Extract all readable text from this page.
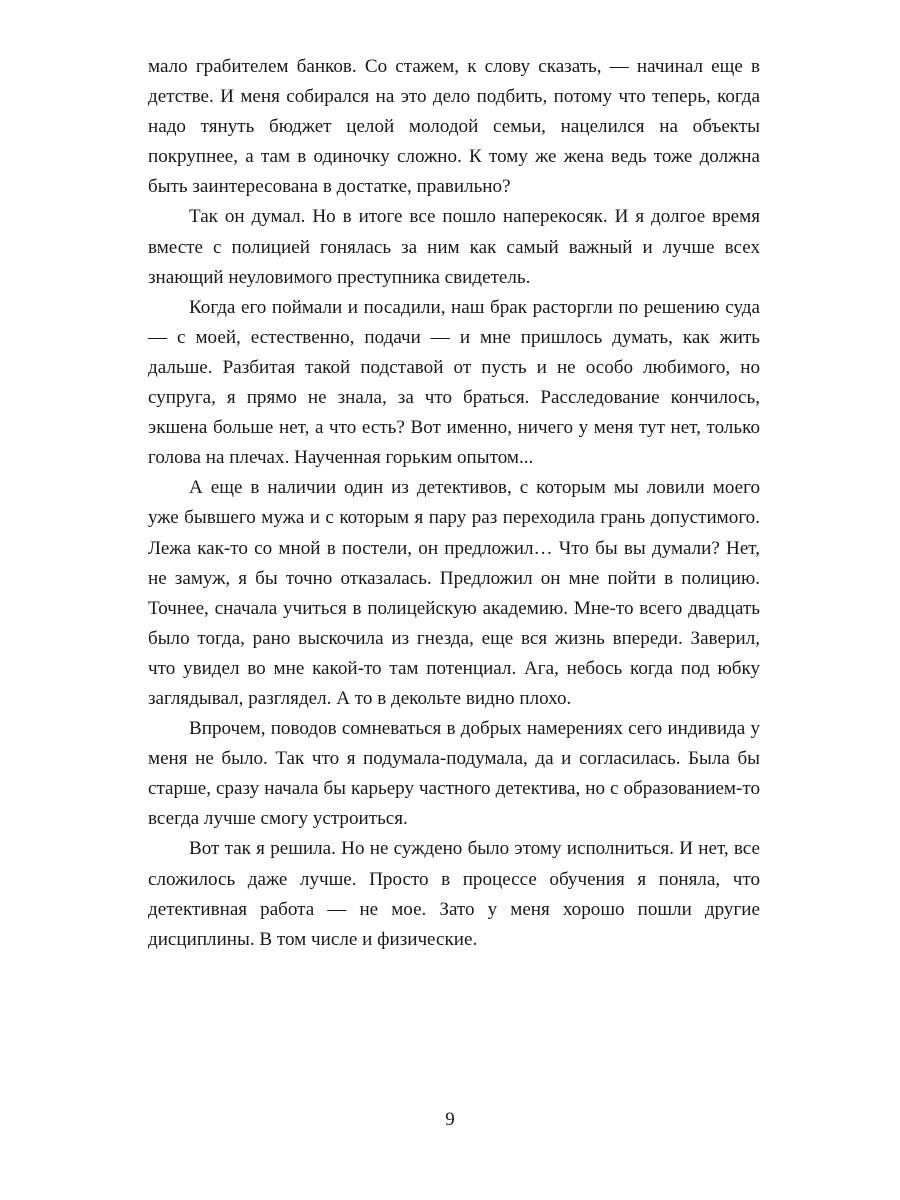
мало грабителем банков. Со стажем, к слову сказать, — начинал еще в детстве. И меня собирался на это дело подбить, потому что теперь, когда надо тянуть бюджет целой молодой семьи, нацелился на объекты покрупнее, а там в одиночку сложно. К тому же жена ведь тоже должна быть заинтересована в достатке, правильно?

Так он думал. Но в итоге все пошло наперекосяк. И я долгое время вместе с полицией гонялась за ним как самый важный и лучше всех знающий неуловимого преступника свидетель.

Когда его поймали и посадили, наш брак расторгли по решению суда — с моей, естественно, подачи — и мне пришлось думать, как жить дальше. Разбитая такой подставой от пусть и не особо любимого, но супруга, я прямо не знала, за что браться. Расследование кончилось, экшена больше нет, а что есть? Вот именно, ничего у меня тут нет, только голова на плечах. Наученная горьким опытом...

А еще в наличии один из детективов, с которым мы ловили моего уже бывшего мужа и с которым я пару раз переходила грань допустимого. Лежа как-то со мной в постели, он предложил… Что бы вы думали? Нет, не замуж, я бы точно отказалась. Предложил он мне пойти в полицию. Точнее, сначала учиться в полицейскую академию. Мне-то всего двадцать было тогда, рано выскочила из гнезда, еще вся жизнь впереди. Заверил, что увидел во мне какой-то там потенциал. Ага, небось когда под юбку заглядывал, разглядел. А то в декольте видно плохо.

Впрочем, поводов сомневаться в добрых намерениях сего индивида у меня не было. Так что я подумала-подумала, да и согласилась. Была бы старше, сразу начала бы карьеру частного детектива, но с образованием-то всегда лучше смогу устроиться.

Вот так я решила. Но не суждено было этому исполниться. И нет, все сложилось даже лучше. Просто в процессе обучения я поняла, что детективная работа — не мое. Зато у меня хорошо пошли другие дисциплины. В том числе и физические.

9
